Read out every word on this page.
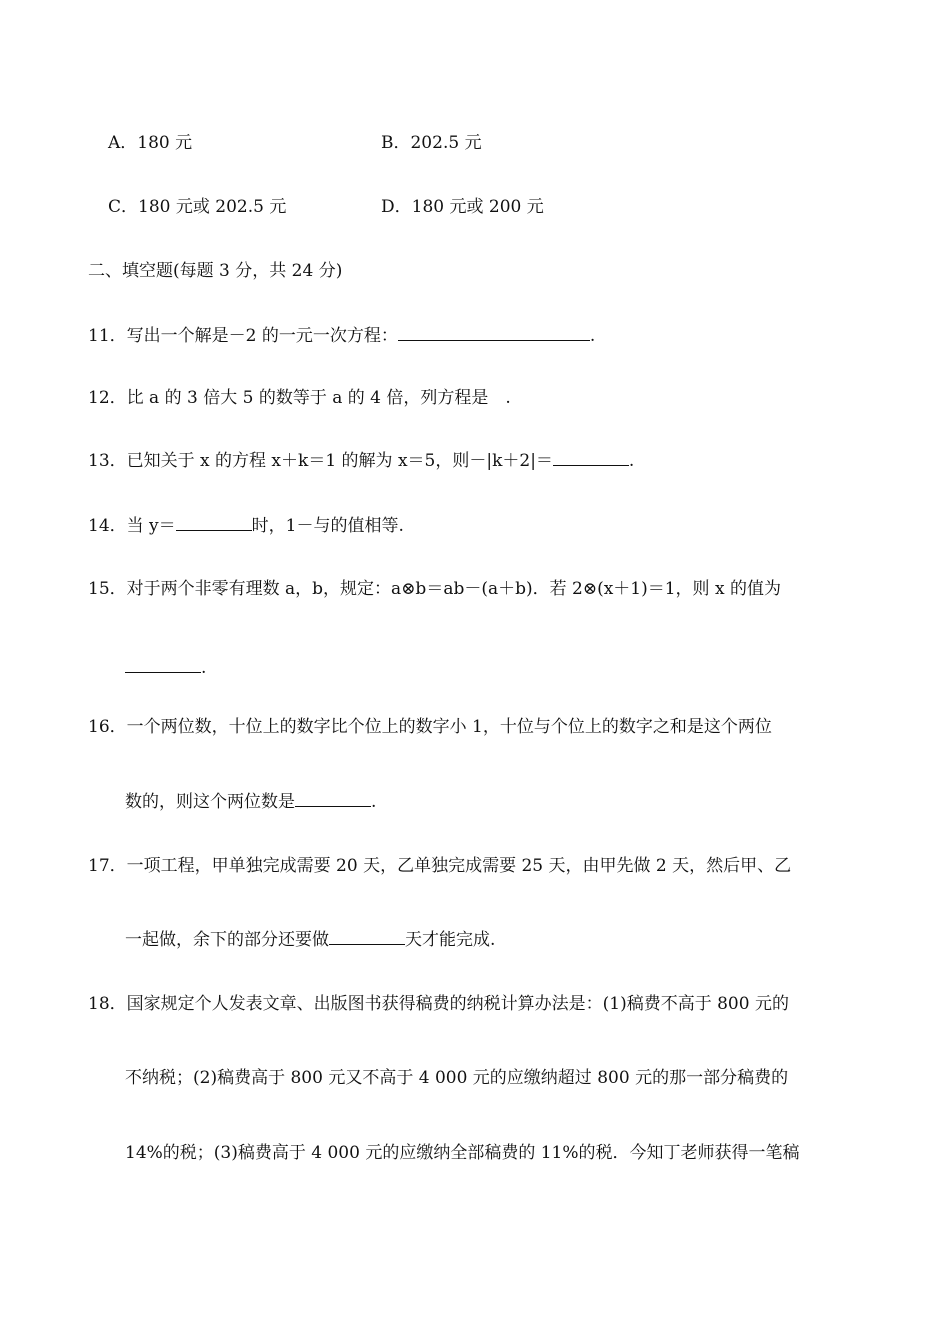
A．180 元	B．202.5 元
C．180 元或 202.5 元	D．180 元或 200 元
二、填空题(每题 3 分，共 24 分)
11．写出一个解是－2 的一元一次方程：	.
12．比 a 的 3 倍大 5 的数等于 a 的 4 倍，列方程是　.
13．已知关于 x 的方程 x＋k＝1 的解为 x＝5，则－|k＋2|＝	.
14．当 y＝	时，1－与的值相等.
15．对于两个非零有理数 a，b，规定：a⊗b＝ab－(a＋b)．若 2⊗(x＋1)＝1，则 x 的值为
.
16．一个两位数，十位上的数字比个位上的数字小 1，十位与个位上的数字之和是这个两位
数的，则这个两位数是	.
17．一项工程，甲单独完成需要 20 天，乙单独完成需要 25 天，由甲先做 2 天，然后甲、乙
一起做，余下的部分还要做	天才能完成.
18．国家规定个人发表文章、出版图书获得稿费的纳税计算办法是：(1)稿费不高于 800 元的
不纳税；(2)稿费高于 800 元又不高于 4 000 元的应缴纳超过 800 元的那一部分稿费的
14%的税；(3)稿费高于 4 000 元的应缴纳全部稿费的 11%的税．今知丁老师获得一笔稿
